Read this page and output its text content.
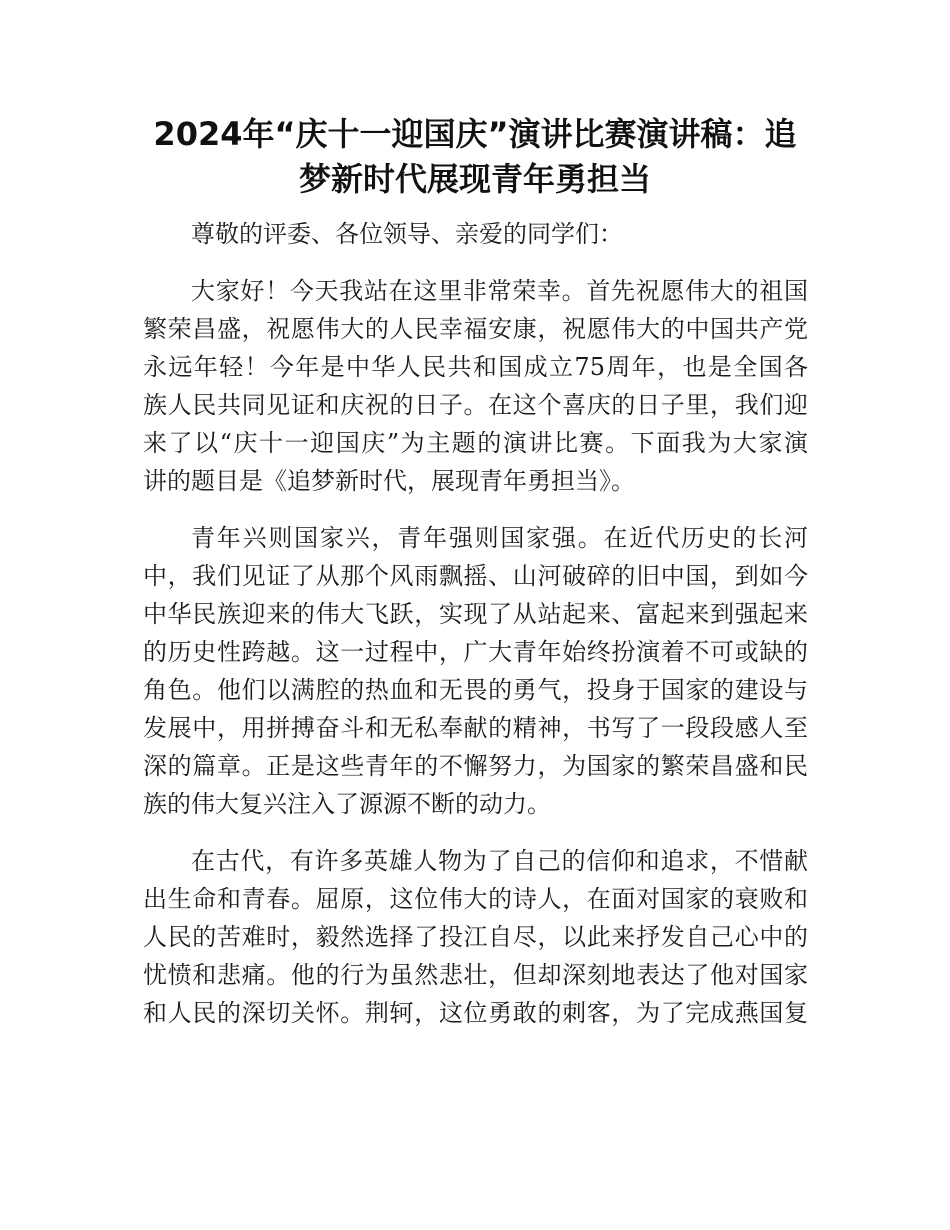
2024年“庆十一迎国庆”演讲比赛演讲稿：追
梦新时代展现青年勇担当

尊敬的评委、各位领导、亲爱的同学们：

大家好！今天我站在这里非常荣幸。首先祝愿伟大的祖国
繁荣昌盛，祝愿伟大的人民幸福安康，祝愿伟大的中国共产党
永远年轻！今年是中华人民共和国成立75周年，也是全国各
族人民共同见证和庆祝的日子。在这个喜庆的日子里，我们迎
来了以“庆十一迎国庆”为主题的演讲比赛。下面我为大家演
讲的题目是《追梦新时代，展现青年勇担当》。

青年兴则国家兴，青年强则国家强。在近代历史的长河
中，我们见证了从那个风雨飘摇、山河破碎的旧中国，到如今
中华民族迎来的伟大飞跃，实现了从站起来、富起来到强起来
的历史性跨越。这一过程中，广大青年始终扮演着不可或缺的
角色。他们以满腔的热血和无畏的勇气，投身于国家的建设与
发展中，用拼搏奋斗和无私奉献的精神，书写了一段段感人至
深的篇章。正是这些青年的不懈努力，为国家的繁荣昌盛和民
族的伟大复兴注入了源源不断的动力。

在古代，有许多英雄人物为了自己的信仰和追求，不惜献
出生命和青春。屈原，这位伟大的诗人，在面对国家的衰败和
人民的苦难时，毅然选择了投江自尽，以此来抒发自己心中的
忧愤和悲痛。他的行为虽然悲壮，但却深刻地表达了他对国家
和人民的深切关怀。荆轲，这位勇敢的刺客，为了完成燕国复
